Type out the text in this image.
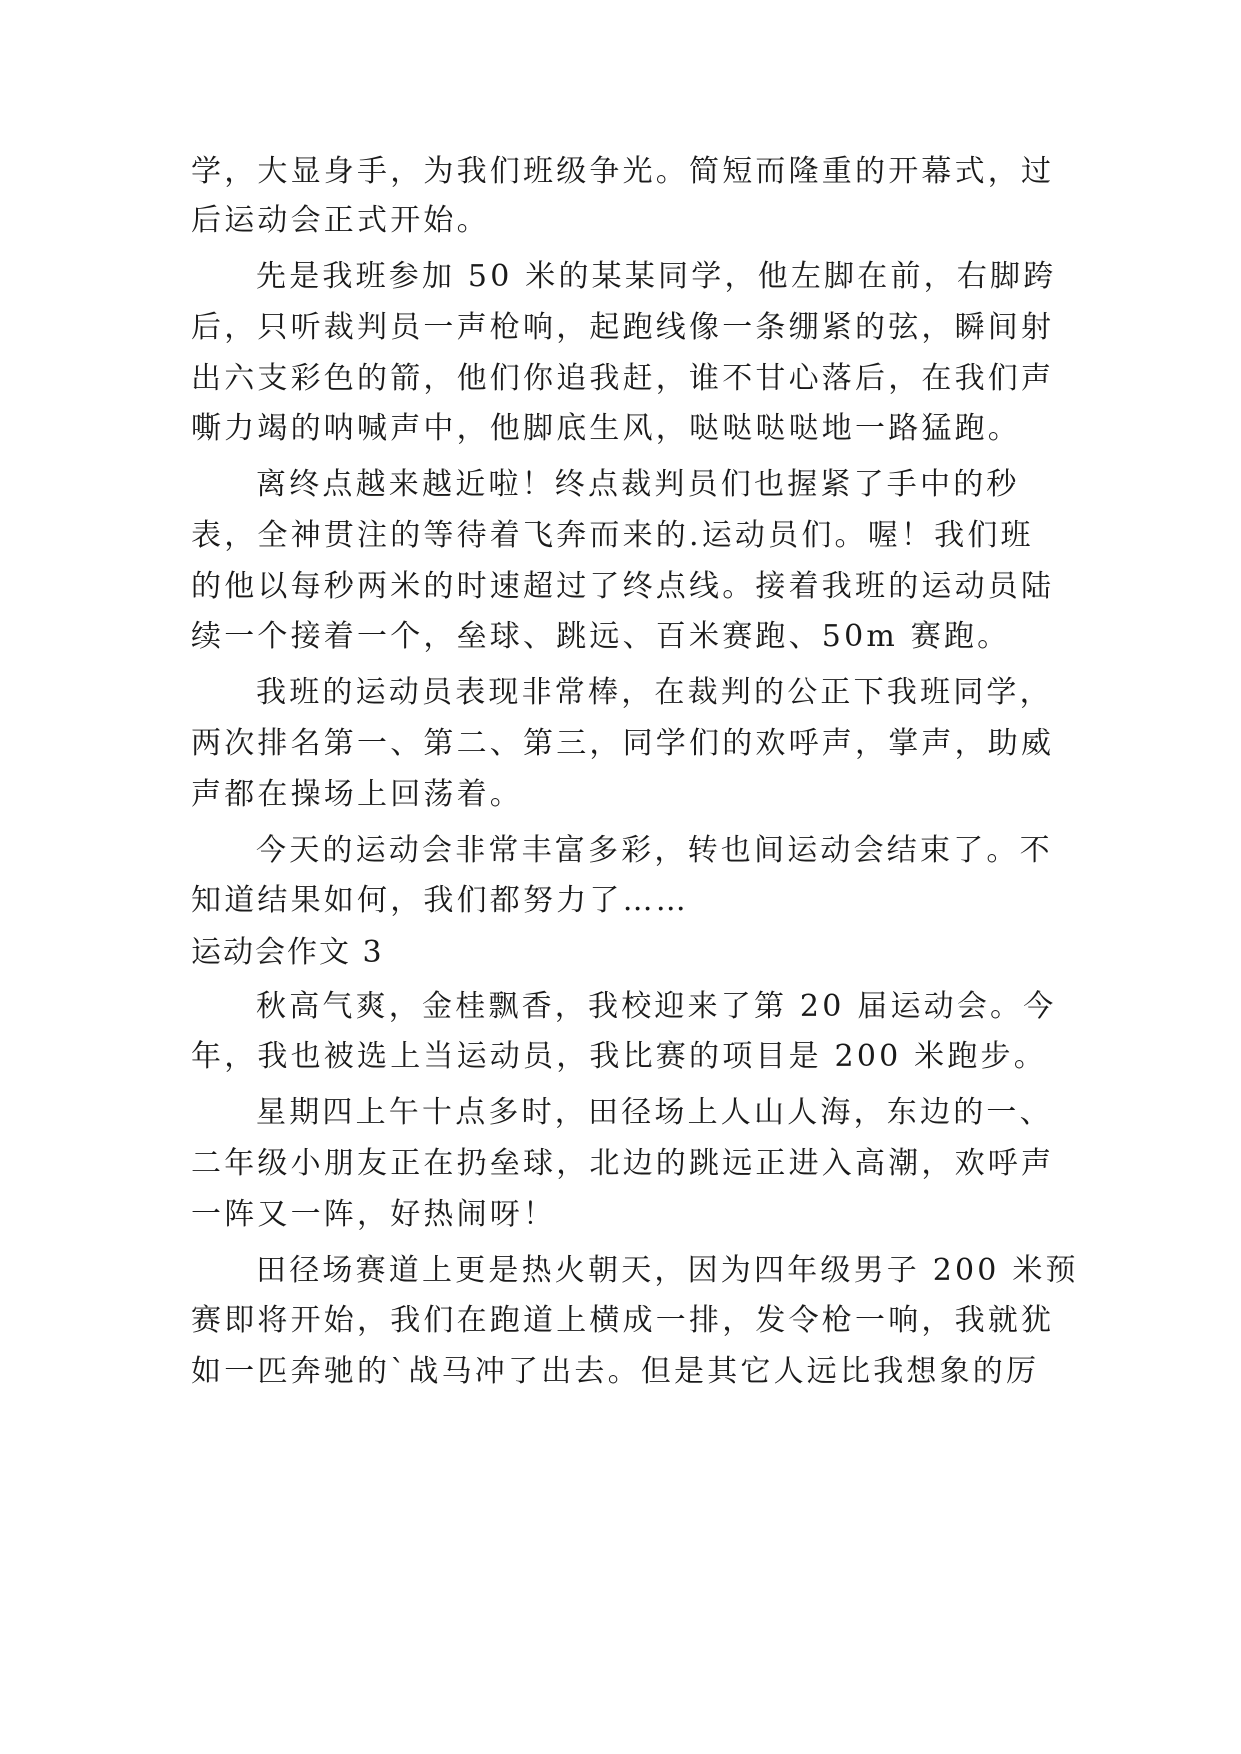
学，大显身手，为我们班级争光。简短而隆重的开幕式，过
后运动会正式开始。
先是我班参加 50 米的某某同学，他左脚在前，右脚跨
后，只听裁判员一声枪响，起跑线像一条绷紧的弦，瞬间射
出六支彩色的箭，他们你追我赶，谁不甘心落后，在我们声
嘶力竭的呐喊声中，他脚底生风，哒哒哒哒地一路猛跑。
离终点越来越近啦！终点裁判员们也握紧了手中的秒
表，全神贯注的等待着飞奔而来的.运动员们。喔！我们班
的他以每秒两米的时速超过了终点线。接着我班的运动员陆
续一个接着一个，垒球、跳远、百米赛跑、50m 赛跑。
我班的运动员表现非常棒，在裁判的公正下我班同学，
两次排名第一、第二、第三，同学们的欢呼声，掌声，助威
声都在操场上回荡着。
今天的运动会非常丰富多彩，转也间运动会结束了。不
知道结果如何，我们都努力了……
运动会作文 3
秋高气爽，金桂飘香，我校迎来了第 20 届运动会。今
年，我也被选上当运动员，我比赛的项目是 200 米跑步。
星期四上午十点多时，田径场上人山人海，东边的一、
二年级小朋友正在扔垒球，北边的跳远正进入高潮，欢呼声
一阵又一阵，好热闹呀！
田径场赛道上更是热火朝天，因为四年级男子 200 米预
赛即将开始，我们在跑道上横成一排，发令枪一响，我就犹
如一匹奔驰的`战马冲了出去。但是其它人远比我想象的厉
